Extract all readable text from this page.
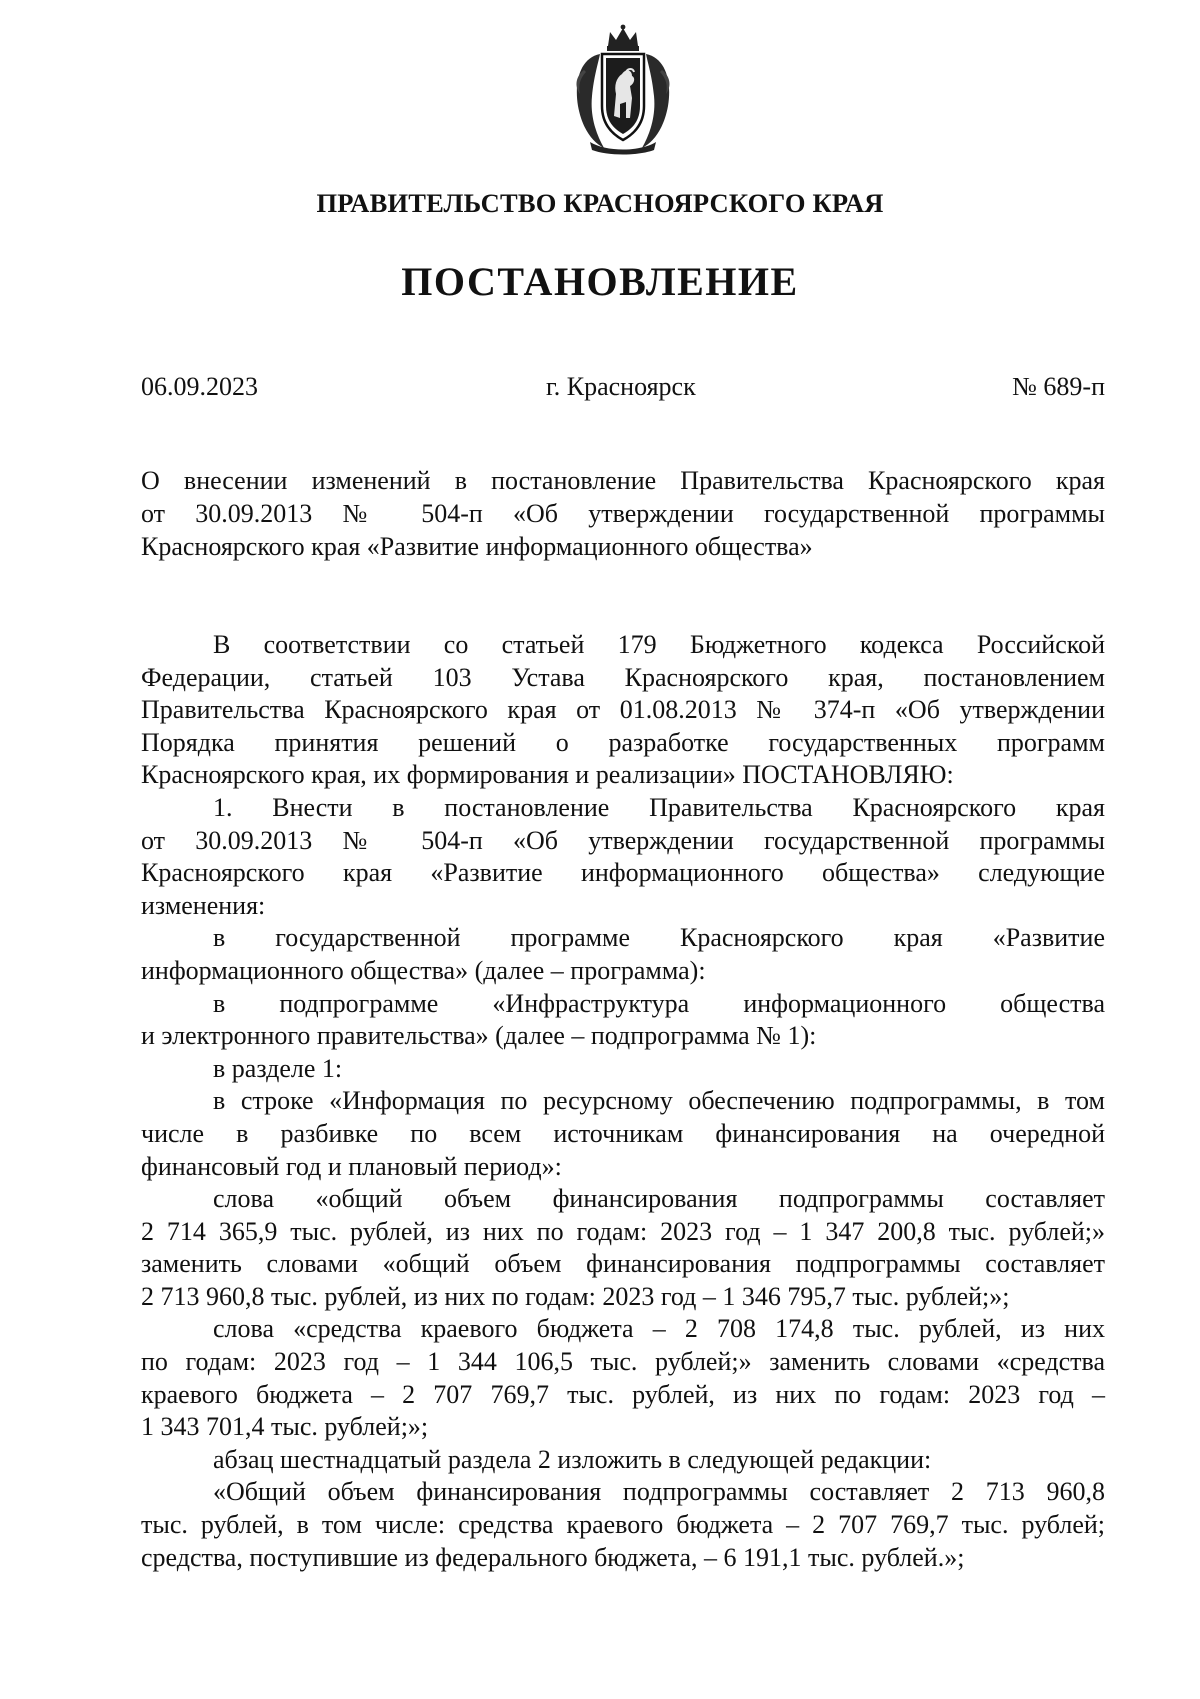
ПРАВИТЕЛЬСТВО КРАСНОЯРСКОГО КРАЯ
ПОСТАНОВЛЕНИЕ
06.09.2023	г. Красноярск	№ 689-п
О внесении изменений в постановление Правительства Красноярского края
от 30.09.2013 № 504-п «Об утверждении государственной программы
Красноярского края «Развитие информационного общества»
В соответствии со статьей 179 Бюджетного кодекса Российской
Федерации, статьей 103 Устава Красноярского края, постановлением
Правительства Красноярского края от 01.08.2013 № 374-п «Об утверждении
Порядка принятия решений о разработке государственных программ
Красноярского края, их формирования и реализации» ПОСТАНОВЛЯЮ:
1. Внести в постановление Правительства Красноярского края
от 30.09.2013 № 504-п «Об утверждении государственной программы
Красноярского края «Развитие информационного общества» следующие
изменения:
в государственной программе Красноярского края «Развитие
информационного общества» (далее – программа):
в подпрограмме «Инфраструктура информационного общества
и электронного правительства» (далее – подпрограмма № 1):
в разделе 1:
в строке «Информация по ресурсному обеспечению подпрограммы, в том
числе в разбивке по всем источникам финансирования на очередной
финансовый год и плановый период»:
слова «общий объем финансирования подпрограммы составляет
2 714 365,9 тыс. рублей, из них по годам: 2023 год – 1 347 200,8 тыс. рублей;»
заменить словами «общий объем финансирования подпрограммы составляет
2 713 960,8 тыс. рублей, из них по годам: 2023 год – 1 346 795,7 тыс. рублей;»;
слова «средства краевого бюджета – 2 708 174,8 тыс. рублей, из них
по годам: 2023 год – 1 344 106,5 тыс. рублей;» заменить словами «средства
краевого бюджета – 2 707 769,7 тыс. рублей, из них по годам: 2023 год –
1 343 701,4 тыс. рублей;»;
абзац шестнадцатый раздела 2 изложить в следующей редакции:
«Общий объем финансирования подпрограммы составляет 2 713 960,8
тыс. рублей, в том числе: средства краевого бюджета – 2 707 769,7 тыс. рублей;
средства, поступившие из федерального бюджета, – 6 191,1 тыс. рублей.»;
